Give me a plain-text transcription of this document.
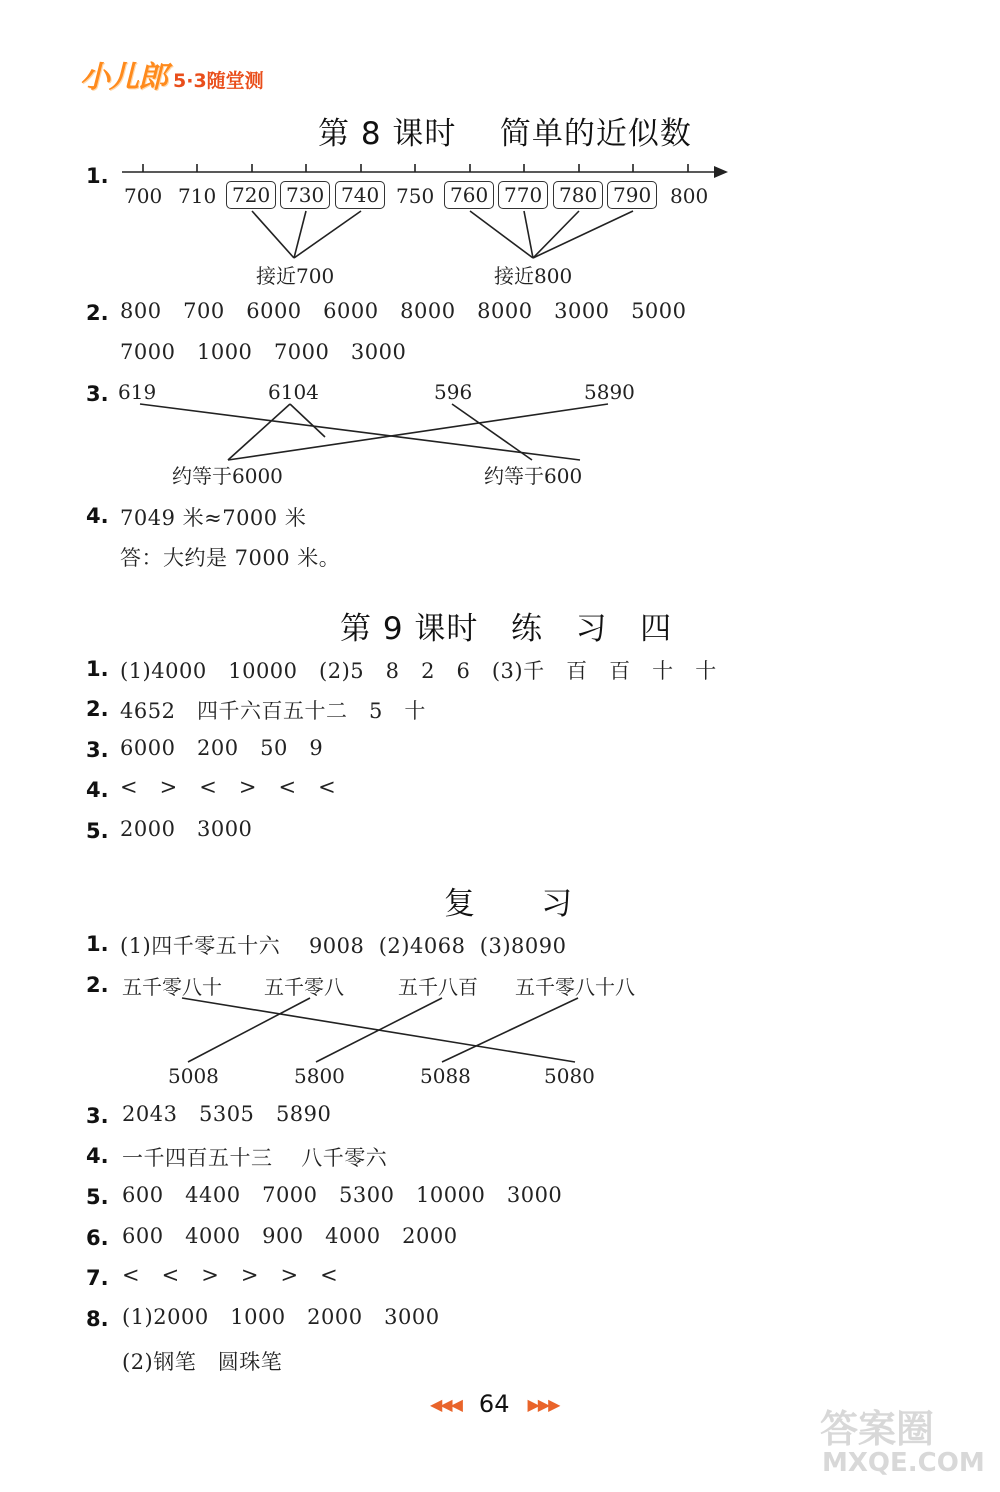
小儿郎 5·3随堂测
第 8 课时    简单的近似数
1.
700 710 720 730 740 750 760 770 780 790 800
接近700	接近800
2. 800   700   6000   6000   8000   8000   3000   5000
7000   1000   7000   3000
3. 619	6104	596	5890
约等于6000	约等于600
4. 7049 米≈7000 米
答：大约是 7000 米。
第 9 课时   练   习   四
1. (1)4000   10000   (2)5   8   2   6   (3)千   百   百   十   十
2. 4652   四千六百五十二   5   十
3. 6000   200   50   9
4. <   >   <   >   <   <
5. 2000   3000
复      习
1. (1)四千零五十六    9008  (2)4068  (3)8090
2. 五千零八十 五千零八	五千八百 五千零八十八
5008	5800	5088	5080
3. 2043   5305   5890
4. 一千四百五十三    八千零六
5. 600   4400   7000   5300   10000   3000
6. 600   4000   900   4000   2000
7. <   <   >   >   >   <
8. (1)2000   1000   2000   3000
(2)钢笔   圆珠笔
◀◀◀ 64 ▶▶▶
答案圈
MXQE.COM
